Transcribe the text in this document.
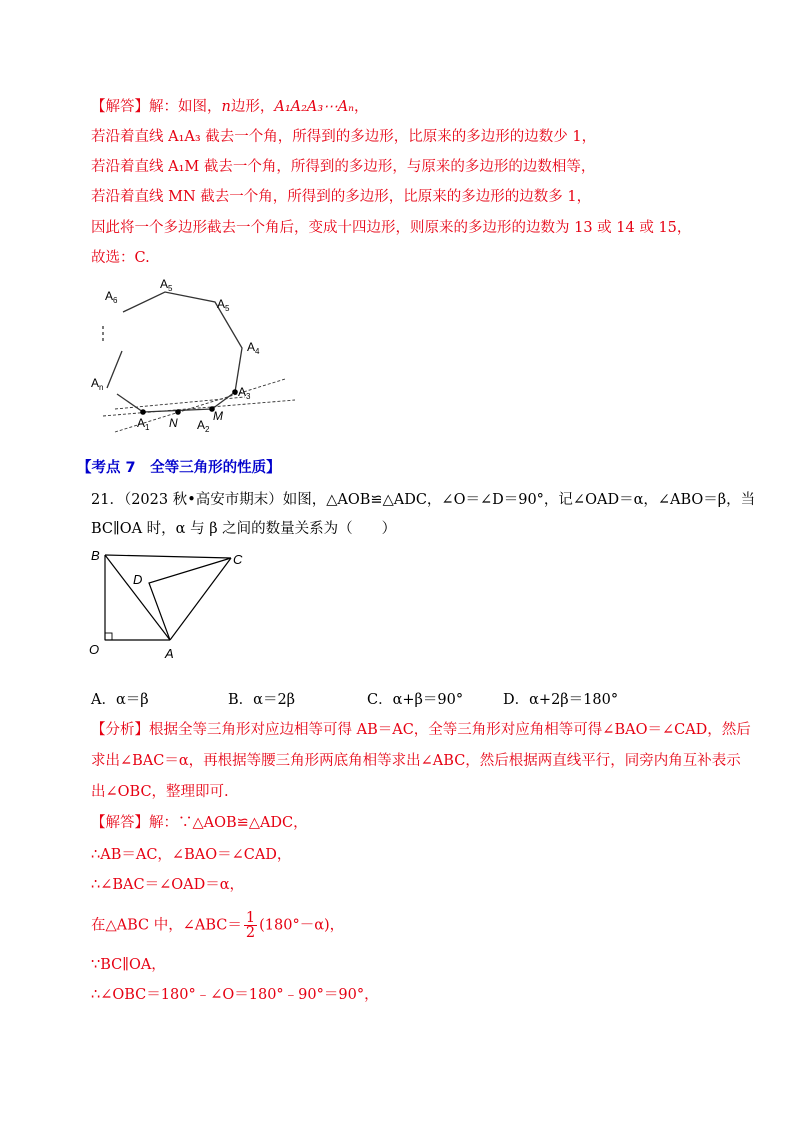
【解答】解：如图，n边形，A₁A₂A₃⋯Aₙ，
若沿着直线 A₁A₃ 截去一个角，所得到的多边形，比原来的多边形的边数少 1，
若沿着直线 A₁M 截去一个角，所得到的多边形，与原来的多边形的边数相等，
若沿着直线 MN 截去一个角，所得到的多边形，比原来的多边形的边数多 1，
因此将一个多边形截去一个角后，变成十四边形，则原来的多边形的边数为 13 或 14 或 15，
故选：C.
$A_6$
$A_5$
$A_5$
$A_4$
$A_n$	$A_3$
$A_1$	$A_2$
N	M
【考点 7　全等三角形的性质】
21．（2023 秋•高安市期末）如图，△AOB≌△ADC，∠O＝∠D＝90°，记∠OAD＝α，∠ABO＝β，当
BC∥OA 时，α 与 β 之间的数量关系为（　　）
B	C
D
O	A
A．α＝β	B．α＝2β	C．α+β＝90°	D．α+2β＝180°
【分析】根据全等三角形对应边相等可得 AB＝AC，全等三角形对应角相等可得∠BAO＝∠CAD，然后
求出∠BAC＝α，再根据等腰三角形两底角相等求出∠ABC，然后根据两直线平行，同旁内角互补表示
出∠OBC，整理即可.
【解答】解：∵△AOB≌△ADC，
∴AB＝AC，∠BAO＝∠CAD，
∴∠BAC＝∠OAD＝α，
在△ABC 中，∠ABC＝ $\frac{1}{2} (180^\circ-\alpha)$，
∵BC∥OA，
∴∠OBC＝180°﹣∠O＝180°﹣90°＝90°，
